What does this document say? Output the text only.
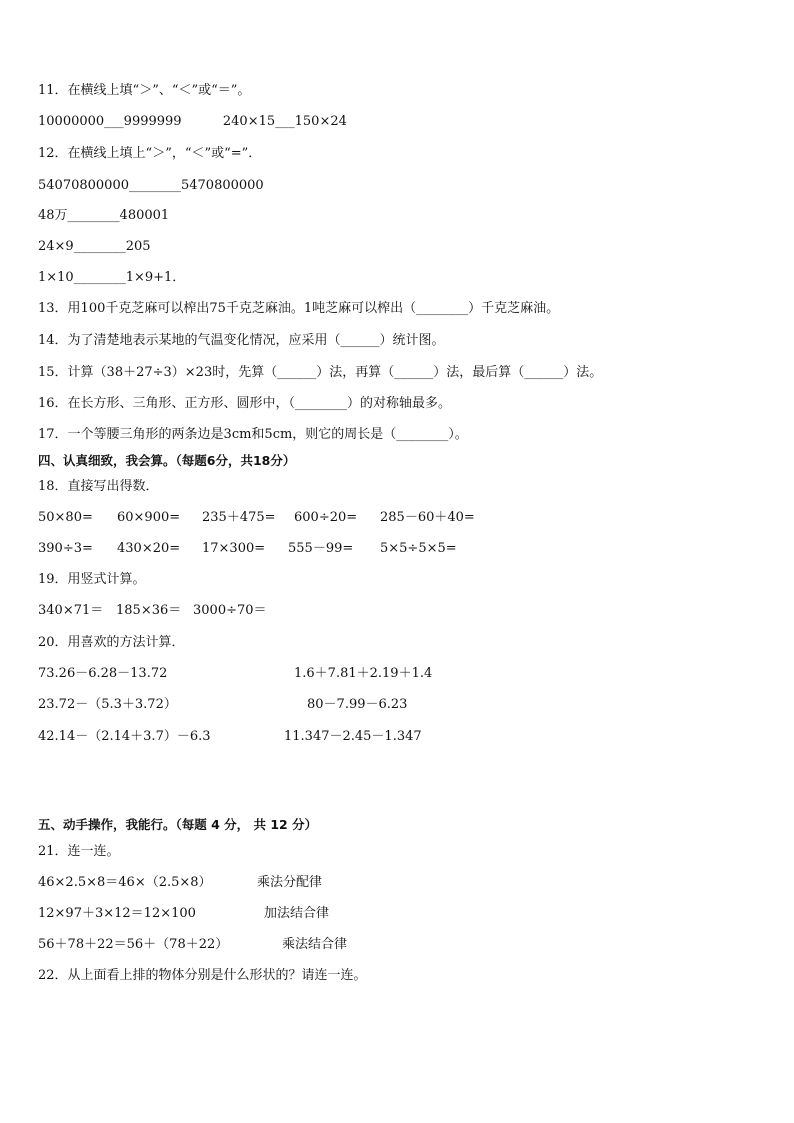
11．在横线上填“＞”、“＜”或“＝”。
10000000___9999999          240×15___150×24
12．在横线上填上“＞”，“＜”或“=”．
54070800000________5470800000
48万________480001
24×9________205
1×10________1×9+1．
13．用100千克芝麻可以榨出75千克芝麻油。1吨芝麻可以榨出（________）千克芝麻油。
14．为了清楚地表示某地的气温变化情况，应采用（______）统计图。
15．计算（38＋27÷3）×23时，先算（______）法，再算（______）法，最后算（______）法。
16．在长方形、三角形、正方形、圆形中，（________）的对称轴最多。
17．一个等腰三角形的两条边是3cm和5cm，则它的周长是（________）。
四、认真细致，我会算。（每题6分，共18分）
18．直接写出得数．
50×80= 60×900= 235＋475= 600÷20= 285－60＋40=
390÷3= 430×20= 17×300= 555－99= 5×5÷5×5=
19．用竖式计算。
340×71＝ 185×36＝ 3000÷70＝
20．用喜欢的方法计算．
73.26－6.28－13.72	1.6＋7.81＋2.19＋1.4
23.72－（5.3＋3.72）	80－7.99－6.23
42.14－（2.14＋3.7）－6.3	11.347－2.45－1.347
五、动手操作，我能行。（每题 4 分， 共 12 分）
21．连一连。
46×2.5×8＝46×（2.5×8）	乘法分配律
12×97＋3×12＝12×100	加法结合律
56＋78＋22＝56＋（78＋22）	乘法结合律
22．从上面看上排的物体分别是什么形状的？请连一连。
